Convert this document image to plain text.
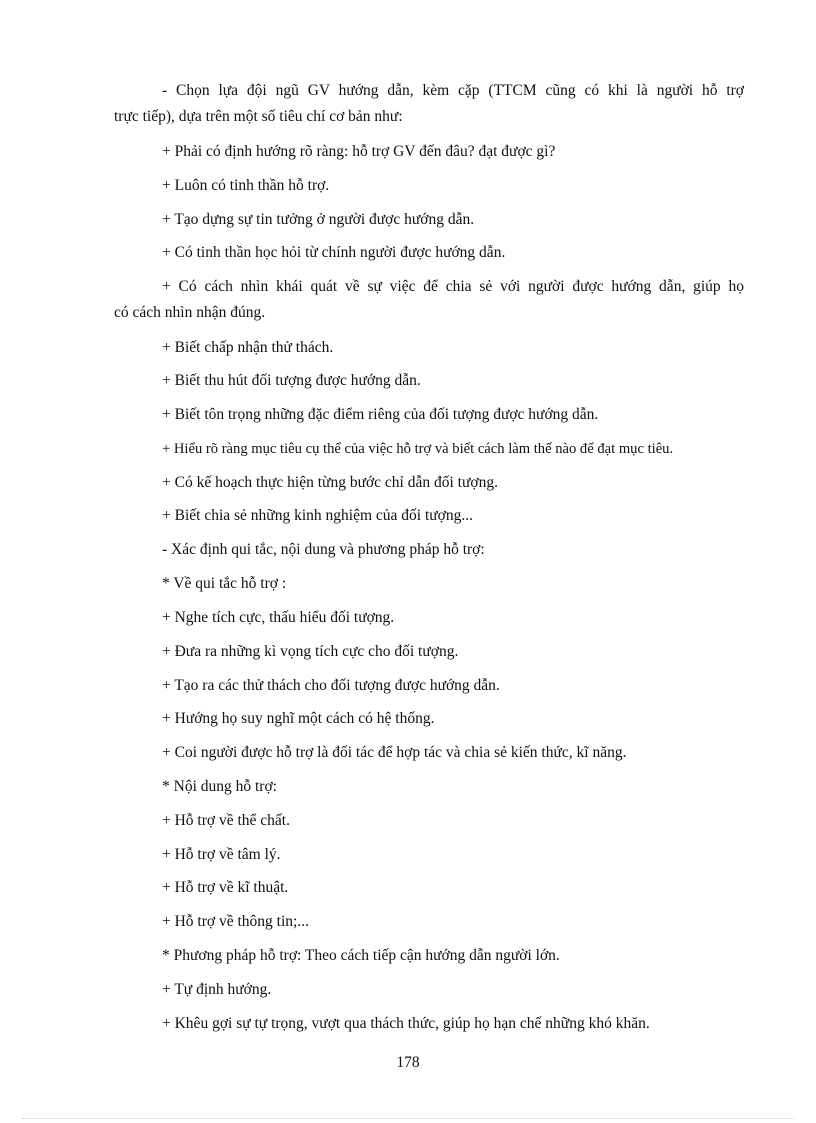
- Chọn lựa đội ngũ GV hướng dẫn, kèm cặp (TTCM cũng có khi là người hỗ trợ
trực tiếp), dựa trên một số tiêu chí cơ bản như:
+ Phải có định hướng rõ ràng: hỗ trợ GV đến đâu? đạt được gì?
+ Luôn có tinh thần hỗ trợ.
+ Tạo dựng sự tin tưởng ở người được hướng dẫn.
+ Có tinh thần học hỏi từ chính người được hướng dẫn.
+ Có cách nhìn khái quát về sự việc để chia sẻ với người được hướng dẫn, giúp họ
có cách nhìn nhận đúng.
+ Biết chấp nhận thử thách.
+ Biết thu hút đối tượng được hướng dẫn.
+ Biết tôn trọng những đặc điểm riêng của đối tượng được hướng dẫn.
+ Hiểu rõ ràng mục tiêu cụ thể của việc hỗ trợ và biết cách làm thế nào để đạt mục tiêu.
+ Có kế hoạch thực hiện từng bước chỉ dẫn đối tượng.
+ Biết chia sẻ những kinh nghiệm của đối tượng...
- Xác định qui tắc, nội dung và phương pháp hỗ trợ:
* Về qui tắc hỗ trợ :
+ Nghe tích cực, thấu hiểu đối tượng.
+ Đưa ra những kì vọng tích cực cho đối tượng.
+ Tạo ra các thử thách cho đối tượng được hướng dẫn.
+ Hướng họ suy nghĩ một cách có hệ thống.
+ Coi người được hỗ trợ là đối tác để hợp tác và chia sẻ kiến thức, kĩ năng.
* Nội dung hỗ trợ:
+ Hỗ trợ về thể chất.
+ Hỗ trợ về tâm lý.
+ Hỗ trợ về kĩ thuật.
+ Hỗ trợ về thông tin;...
* Phương pháp hỗ trợ: Theo cách tiếp cận hướng dẫn người lớn.
+ Tự định hướng.
+ Khêu gợi sự tự trọng, vượt qua thách thức, giúp họ hạn chế những khó khăn.
178
